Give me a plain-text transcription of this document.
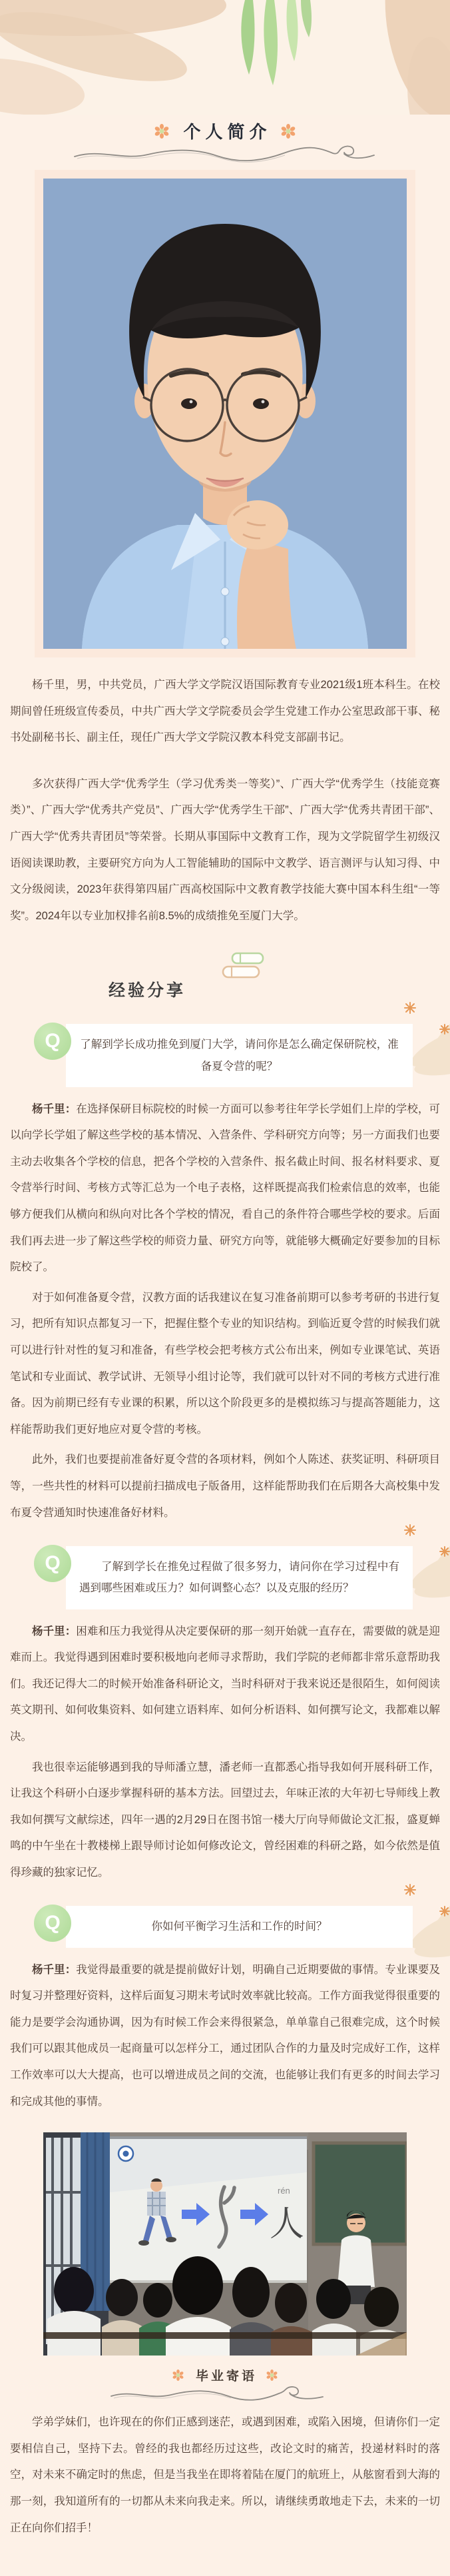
个人简介

杨千里，男，中共党员，广西大学文学院汉语国际教育专业2021级1班本科生。在校期间曾任班级宣传委员，中共广西大学文学院委员会学生党建工作办公室思政部干事、秘书处副秘书长、副主任，现任广西大学文学院汉教本科党支部副书记。

多次获得广西大学“优秀学生（学习优秀类一等奖）”、广西大学“优秀学生（技能竞赛类）”、广西大学“优秀共产党员”、广西大学“优秀学生干部”、广西大学“优秀共青团干部”、广西大学“优秀共青团员”等荣誉。长期从事国际中文教育工作，现为文学院留学生初级汉语阅读课助教，主要研究方向为人工智能辅助的国际中文教学、语言测评与认知习得、中文分级阅读，2023年获得第四届广西高校国际中文教育教学技能大赛中国本科生组“一等奖”。2024年以专业加权排名前8.5%的成绩推免至厦门大学。

经验分享
Q	了解到学长成功推免到厦门大学，请问你是怎么确定保研院校，准备夏令营的呢？

杨千里：在选择保研目标院校的时候一方面可以参考往年学长学姐们上岸的学校，可以向学长学姐了解这些学校的基本情况、入营条件、学科研究方向等；另一方面我们也要主动去收集各个学校的信息，把各个学校的入营条件、报名截止时间、报名材料要求、夏令营举行时间、考核方式等汇总为一个电子表格，这样既提高我们检索信息的效率，也能够方便我们从横向和纵向对比各个学校的情况，看自己的条件符合哪些学校的要求。后面我们再去进一步了解这些学校的师资力量、研究方向等，就能够大概确定好要参加的目标院校了。

对于如何准备夏令营，汉教方面的话我建议在复习准备前期可以参考考研的书进行复习，把所有知识点都复习一下，把握住整个专业的知识结构。到临近夏令营的时候我们就可以进行针对性的复习和准备，有些学校会把考核方式公布出来，例如专业课笔试、英语笔试和专业面试、教学试讲、无领导小组讨论等，我们就可以针对不同的考核方式进行准备。因为前期已经有专业课的积累，所以这个阶段更多的是模拟练习与提高答题能力，这样能帮助我们更好地应对夏令营的考核。

此外，我们也要提前准备好夏令营的各项材料，例如个人陈述、获奖证明、科研项目等，一些共性的材料可以提前扫描成电子版备用，这样能帮助我们在后期各大高校集中发布夏令营通知时快速准备好材料。

Q	了解到学长在推免过程做了很多努力，请问你在学习过程中有遇到哪些困难或压力？如何调整心态？以及克服的经历？

杨千里：困难和压力我觉得从决定要保研的那一刻开始就一直存在，需要做的就是迎难而上。我觉得遇到困难时要积极地向老师寻求帮助，我们学院的老师都非常乐意帮助我们。我还记得大二的时候开始准备科研论文，当时科研对于我来说还是很陌生，如何阅读英文期刊、如何收集资料、如何建立语料库、如何分析语料、如何撰写论文，我都难以解决。

我也很幸运能够遇到我的导师潘立慧，潘老师一直都悉心指导我如何开展科研工作，让我这个科研小白逐步掌握科研的基本方法。回望过去，年味正浓的大年初七导师线上教我如何撰写文献综述，四年一遇的2月29日在图书馆一楼大厅向导师做论文汇报，盛夏蝉鸣的中午坐在十教楼梯上跟导师讨论如何修改论文，曾经困难的科研之路，如今依然是值得珍藏的独家记忆。

Q	你如何平衡学习生活和工作的时间？

杨千里：我觉得最重要的就是提前做好计划，明确自己近期要做的事情。专业课要及时复习并整理好资料，这样后面复习期末考试时效率就比较高。工作方面我觉得很重要的能力是要学会沟通协调，因为有时候工作会来得很紧急，单单靠自己很难完成，这个时候我们可以跟其他成员一起商量可以怎样分工，通过团队合作的力量及时完成好工作，这样工作效率可以大大提高，也可以增进成员之间的交流，也能够让我们有更多的时间去学习和完成其他的事情。

rén
人
毕业寄语

学弟学妹们，也许现在的你们正感到迷茫，或遇到困难，或陷入困境，但请你们一定要相信自己，坚持下去。曾经的我也都经历过这些，改论文时的痛苦，投递材料时的落空，对未来不确定时的焦虑，但是当我坐在即将着陆在厦门的航班上，从舷窗看到大海的那一刻，我知道所有的一切都从未来向我走来。所以，请继续勇敢地走下去，未来的一切正在向你们招手！
